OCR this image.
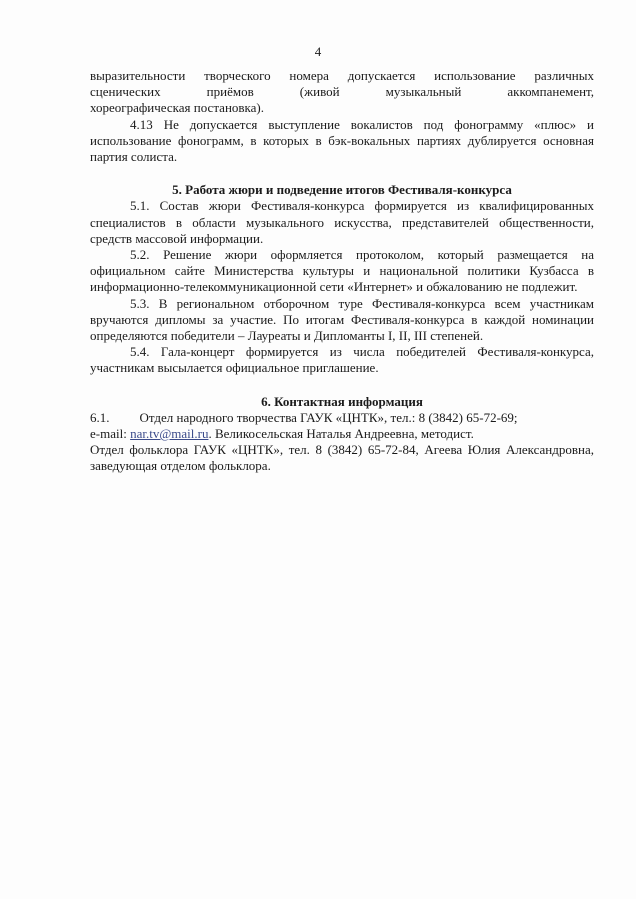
4

выразительности творческого номера допускается использование различных

сценических приёмов (живой музыкальный аккомпанемент,

хореографическая постановка).

4.13 Не допускается выступление вокалистов под фонограмму «плюс» и использование фонограмм, в которых в бэк-вокальных партиях дублируется основная партия солиста.

5. Работа жюри и подведение итогов Фестиваля-конкурса

5.1. Состав жюри Фестиваля-конкурса формируется из квалифицированных специалистов в области музыкального искусства, представителей общественности, средств массовой информации.

5.2. Решение жюри оформляется протоколом, который размещается на официальном сайте Министерства культуры и национальной политики Кузбасса в информационно-телекоммуникационной сети «Интернет» и обжалованию не подлежит.

5.3. В региональном отборочном туре Фестиваля-конкурса всем участникам вручаются дипломы за участие. По итогам Фестиваля-конкурса в каждой номинации определяются победители – Лауреаты и Дипломанты I, II, III степеней.

5.4. Гала-концерт формируется из числа победителей Фестиваля-конкурса, участникам высылается официальное приглашение.

6. Контактная информация

6.1. Отдел народного творчества ГАУК «ЦНТК», тел.: 8 (3842) 65-72-69;

e-mail: nar.tv@mail.ru. Великосельская Наталья Андреевна, методист.

Отдел фольклора ГАУК «ЦНТК», тел. 8 (3842) 65-72-84, Агеева Юлия Александровна, заведующая отделом фольклора.
